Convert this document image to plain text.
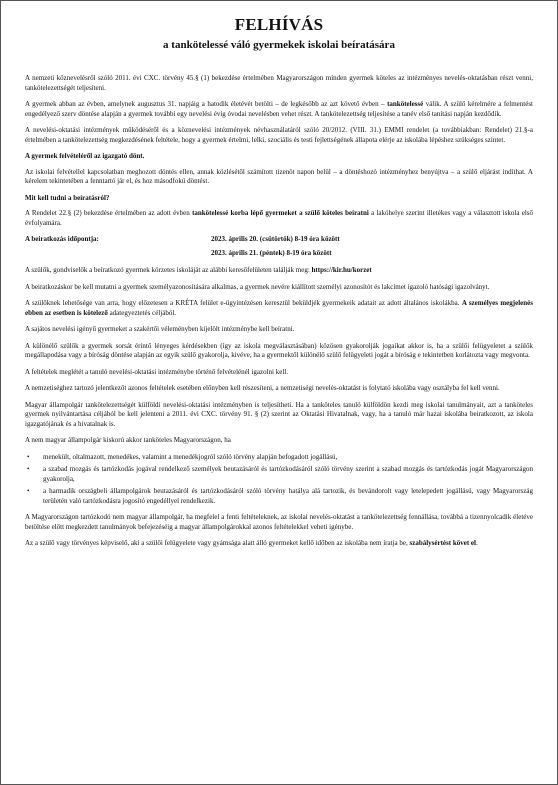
FELHÍVÁS
a tankötelessé váló gyermekek iskolai beíratására

A nemzeti köznevelésről szóló 2011. évi CXC. törvény 45.§ (1) bekezdése értelmében Magyarországon minden gyermek köteles az intézményes nevelés-oktatásban részt venni, tankötelezettségét teljesíteni.

A gyermek abban az évben, amelynek augusztus 31. napjáig a hatodik életévét betölti – de legkésőbb az azt követő évben – tankötelessé válik. A szülő kérelmére a felmentést engedélyező szerv döntése alapján a gyermek további egy nevelési évig óvodai nevelésben vehet részt. A tankötelezettség teljesítése a tanév első tanítási napján kezdődik.

A nevelési-oktatási intézmények működéséről és a köznevelési intézmények névhasználatáról szóló 20/2012. (VIII. 31.) EMMI rendelet (a továbbiakban: Rendelet) 21.§-a értelmében a tankötelezettség megkezdésének feltétele, hogy a gyermek értelmi, lelki, szociális és testi fejlettségének állapota elérje az iskolába lépéshez szükséges szintet.

A gyermek felvételéről az igazgató dönt.

Az iskolai felvétellel kapcsolatban meghozott döntés ellen, annak közlésétől számított tizenöt napon belül – a döntéshozó intézményhez benyújtva – a szülő eljárást indíthat. A kérelem tekintetében a fenntartó jár el, és hoz másodfokú döntést.

Mit kell tudni a beíratásról?

A Rendelet 22.§ (2) bekezdése értelmében az adott évben tankötelessé korba lépő gyermeket a szülő köteles beíratni a lakóhelye szerint illetékes vagy a választott iskola első évfolyamára.

A beiratkozás időpontja:	2023. április 20. (csütörtök) 8-19 óra között
2023. április 21. (péntek) 8-19 óra között

A szülők, gondviselők a beíratkozó gyermek körzetes iskoláját az alábbi keresőfelületen találják meg: https://kir.hu/korzet

A beiratkozáskor be kell mutatni a gyermek személyazonosítására alkalmas, a gyermek nevére kiállított személyi azonosítót és lakcímet igazoló hatósági igazolványt.

A szülőknek lehetősége van arra, hogy előzetesen a KRÉTA felület e-ügyintézésen keresztül beküldjék gyermekeik adatait az adott általános iskolákba. A személyes megjelenés ebben az esetben is kötelező adategyeztetés céljából.

A sajátos nevelési igényű gyermeket a szakértői véleményben kijelölt intézménybe kell beíratni.

A különélő szülők a gyermek sorsát érintő lényeges kérdésekben (így az iskola megválasztásában) közösen gyakorolják jogaikat akkor is, ha a szülői felügyeletet a szülők megállapodása vagy a bíróság döntése alapján az egyik szülő gyakorolja, kivéve, ha a gyermektől különélő szülő felügyeleti jogát a bíróság e tekintetben korlátozta vagy megvonta.

A feltételek meglétét a tanuló nevelési-oktatási intézménybe történő felvételénél igazolni kell.

A nemzetiséghez tartozó jelentkezőt azonos feltételek esetében előnyben kell részesíteni, a nemzetiségi nevelés-oktatást is folytató iskolába vagy osztályba fel kell venni.

Magyar állampolgár tankötelezettségét külföldi nevelési-oktatási intézményben is teljesítheti. Ha a tanköteles tanuló külföldön kezdi meg iskolai tanulmányait, azt a tanköteles gyermek nyilvántartása céljából be kell jelenteni a 2011. évi CXC. törvény 91. § (2) szerint az Oktatási Hivatalnak, vagy, ha a tanuló már hazai iskolába beiratkozott, az iskola igazgatójának és a hivatalnak is.

A nem magyar állampolgár kiskorú akkor tanköteles Magyarországon, ha

• menekült, oltalmazott, menedékes, valamint a menedékjogról szóló törvény alapján befogadott jogállású,
• a szabad mozgás és tartózkodás jogával rendelkező személyek beutazásáról és tartózkodásáról szóló törvény szerint a szabad mozgás és tartózkodás jogát Magyarországon gyakorolja,
• a harmadik országbeli állampolgárok beutazásáról és tartózkodásáról szóló törvény hatálya alá tartozik, és bevándorolt vagy letelepedett jogállású, vagy Magyarország területén való tartózkodásra jogosító engedéllyel rendelkezik.

A Magyarországon tartózkodó nem magyar állampolgár, ha megfelel a fenti feltételeknek, az iskolai nevelés-oktatást a tankötelezettség fennállása, továbbá a tizennyolcadik életéve betöltése előtt megkezdett tanulmányok befejezéséig a magyar állampolgárokkal azonos feltételekkel veheti igénybe.

Az a szülő vagy törvényes képviselő, aki a szülői felügyelete vagy gyámsága alatt álló gyermeket kellő időben az iskolába nem íratja be, szabálysértést követ el.
